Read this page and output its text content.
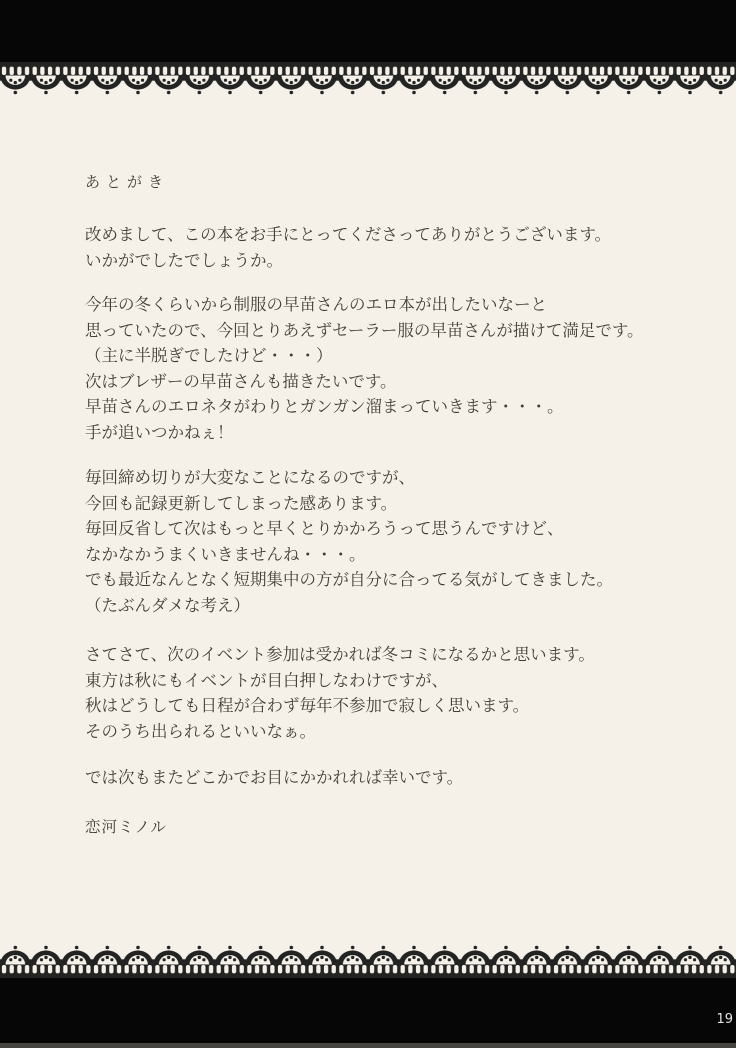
あとがき
改めまして、この本をお手にとってくださってありがとうございます。
いかがでしたでしょうか。
今年の冬くらいから制服の早苗さんのエロ本が出したいなーと
思っていたので、今回とりあえずセーラー服の早苗さんが描けて満足です。
（主に半脱ぎでしたけど・・・）
次はブレザーの早苗さんも描きたいです。
早苗さんのエロネタがわりとガンガン溜まっていきます・・・。
手が追いつかねぇ！
毎回締め切りが大変なことになるのですが、
今回も記録更新してしまった感あります。
毎回反省して次はもっと早くとりかかろうって思うんですけど、
なかなかうまくいきませんね・・・。
でも最近なんとなく短期集中の方が自分に合ってる気がしてきました。
（たぶんダメな考え）
さてさて、次のイベント参加は受かれば冬コミになるかと思います。
東方は秋にもイベントが目白押しなわけですが、
秋はどうしても日程が合わず毎年不参加で寂しく思います。
そのうち出られるといいなぁ。
では次もまたどこかでお目にかかれれば幸いです。
恋河ミノル
19
